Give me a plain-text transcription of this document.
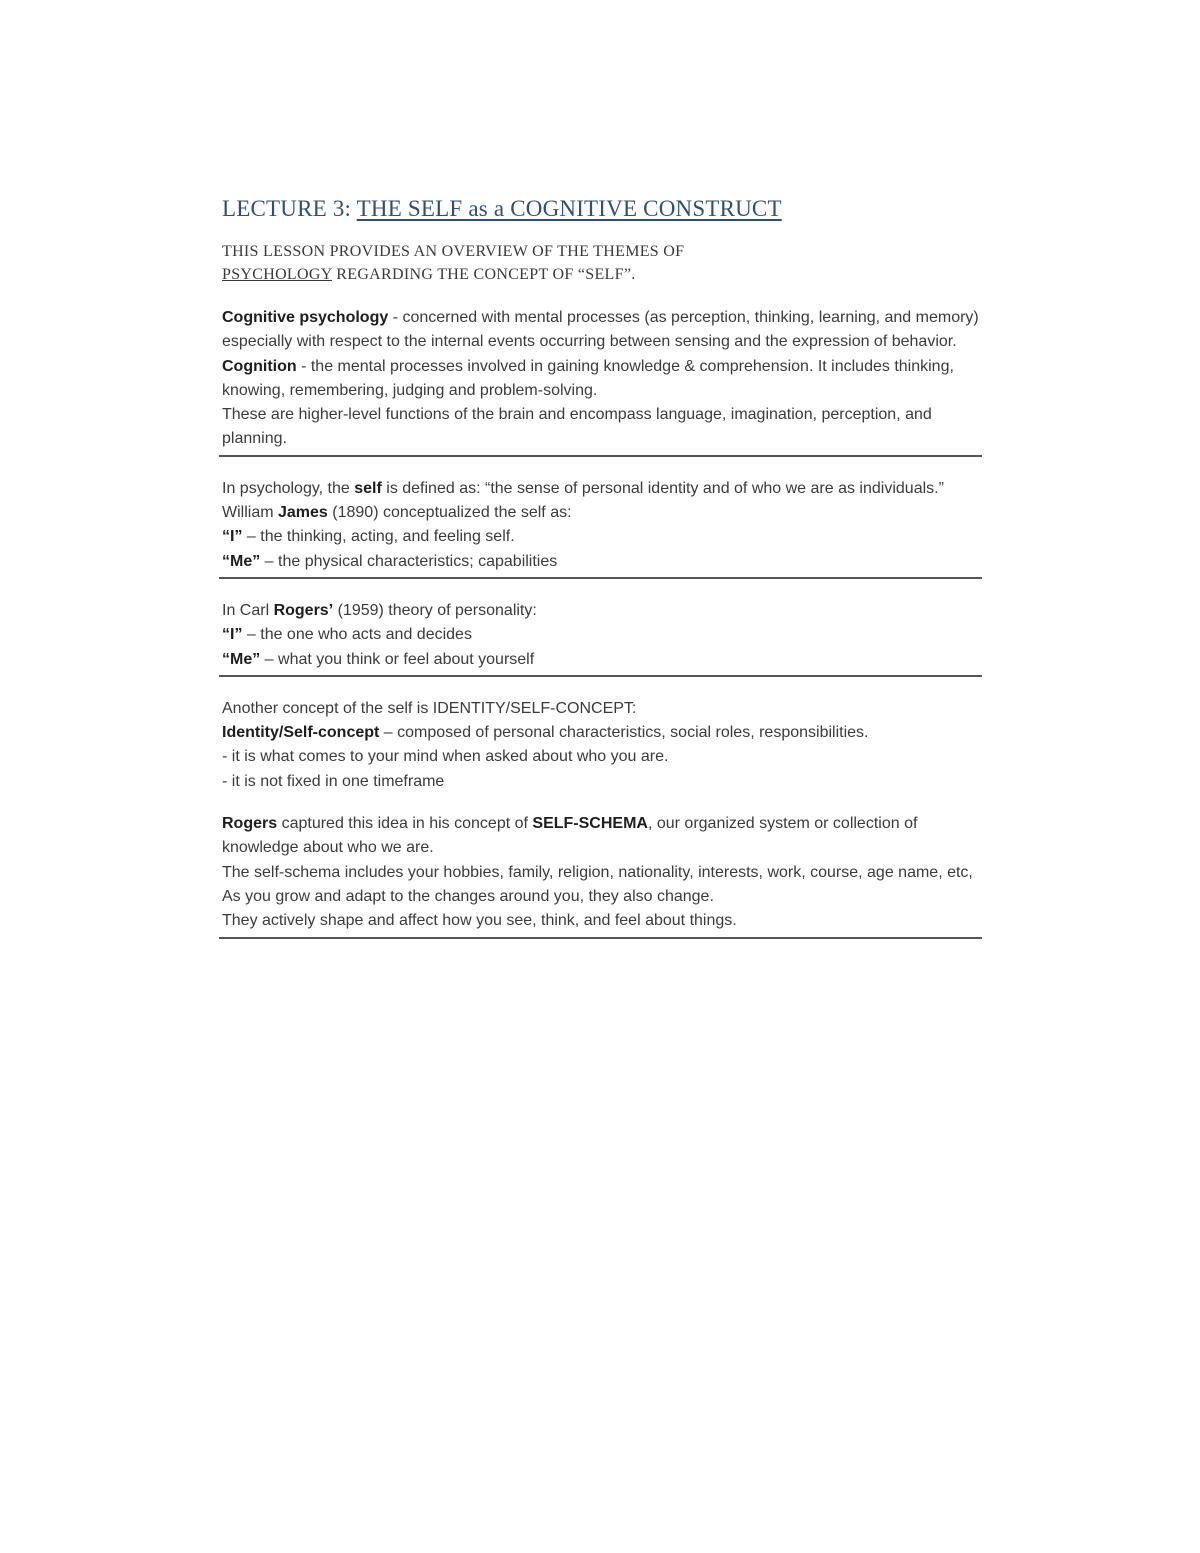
LECTURE 3: THE SELF as a COGNITIVE CONSTRUCT
THIS LESSON PROVIDES AN OVERVIEW OF THE THEMES OF
PSYCHOLOGY REGARDING THE CONCEPT OF “SELF”.

Cognitive psychology - concerned with mental processes (as perception, thinking, learning, and memory) especially with respect to the internal events occurring between sensing and the expression of behavior.

Cognition - the mental processes involved in gaining knowledge & comprehension. It includes thinking, knowing, remembering, judging and problem-solving.

These are higher-level functions of the brain and encompass language, imagination, perception, and planning.

In psychology, the self is defined as: “the sense of personal identity and of who we are as individuals.”

William James (1890) conceptualized the self as:

“I” – the thinking, acting, and feeling self.

“Me” – the physical characteristics; capabilities

In Carl Rogers’ (1959) theory of personality:

“I” – the one who acts and decides

“Me” – what you think or feel about yourself

Another concept of the self is IDENTITY/SELF-CONCEPT:

Identity/Self-concept – composed of personal characteristics, social roles, responsibilities.

- it is what comes to your mind when asked about who you are.

- it is not fixed in one timeframe

Rogers captured this idea in his concept of SELF-SCHEMA, our organized system or collection of knowledge about who we are.

The self-schema includes your hobbies, family, religion, nationality, interests, work, course, age name, etc,

As you grow and adapt to the changes around you, they also change.

They actively shape and affect how you see, think, and feel about things.
